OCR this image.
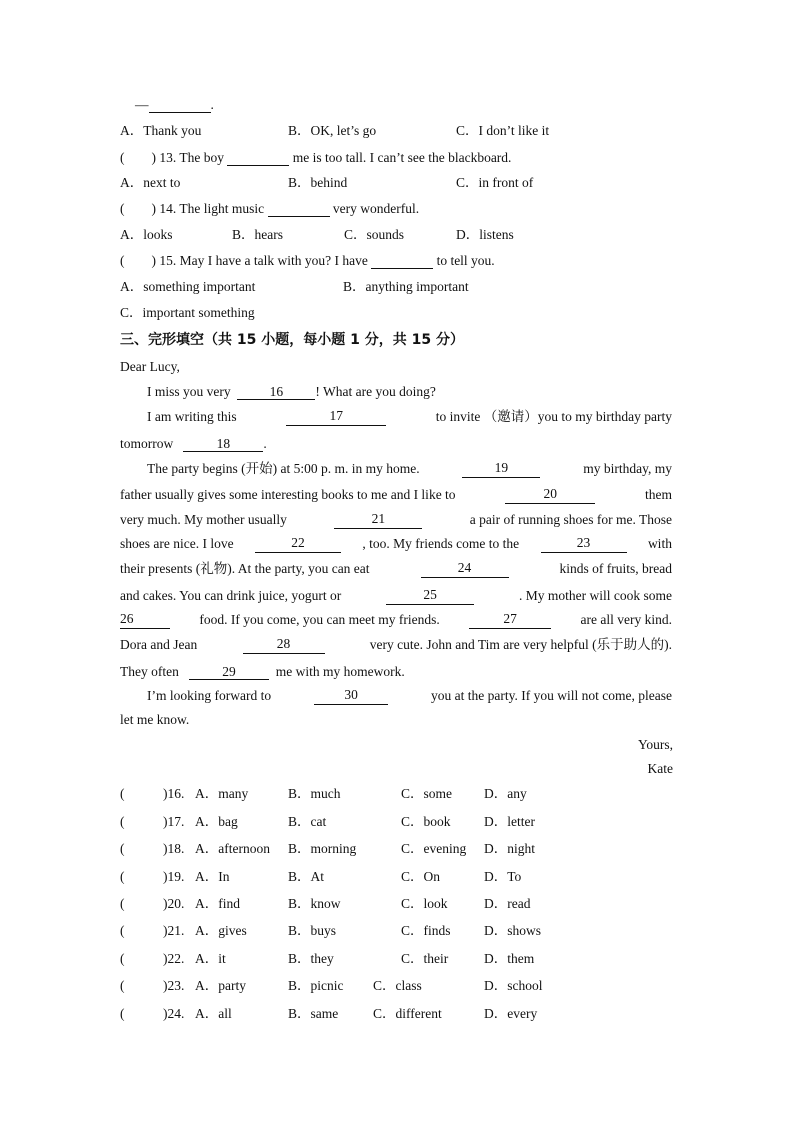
—	.
A．Thank you	B．OK, let’s go	C．I don’t like it
(　　) 13. The boy	me is too tall. I can’t see the blackboard.
A．next to	B．behind	C．in front of
(　　) 14. The light music	very wonderful.
A．looks	B．hears	C．sounds	D．listens
(　　) 15. May I have a talk with you? I have	to tell you.
A．something important	B．anything important
C．important something
三、完形填空（共 15 小题，每小题 1 分，共 15 分）
Dear Lucy,
I miss you very	16 ! What are you doing?
I am writing this	17	to invite （邀请）you to my birthday party
tomorrow	18 .
The party begins (开始) at 5:00 p. m. in my home.	19	my birthday, my
father usually gives some interesting books to me and I like to	20	them
very much. My mother usually	21	a pair of running shoes for me. Those
shoes are nice. I love	22	, too. My friends come to the	23	with
their presents (礼物). At the party, you can eat	24	kinds of fruits, bread
and cakes. You can drink juice, yogurt or	25	. My mother will cook some
26	food. If you come, you can meet my friends.	27	are all very kind.
Dora and Jean	28	very cute. John and Tim are very helpful (乐于助人的).
They often	29	me with my homework.
I’m looking forward to	30	you at the party. If you will not come, please
let me know.
Yours,
Kate
(	)16. A．many	B．much	C．some D．any
(	)17. A．bag	B．cat	C．book D．letter
(	)18. A．afternoon B．morning	C．evening D．night
(	)19. A．In	B．At	C．On	D．To
(	)20. A．find	B．know	C．look	D．read
(	)21. A．gives	B．buys	C．finds D．shows
(	)22. A．it	B．they	C．their	D．them
(	)23. A．party	B．picnic C．class	D．school
(	)24. A．all	B．same	C．different	D．every
